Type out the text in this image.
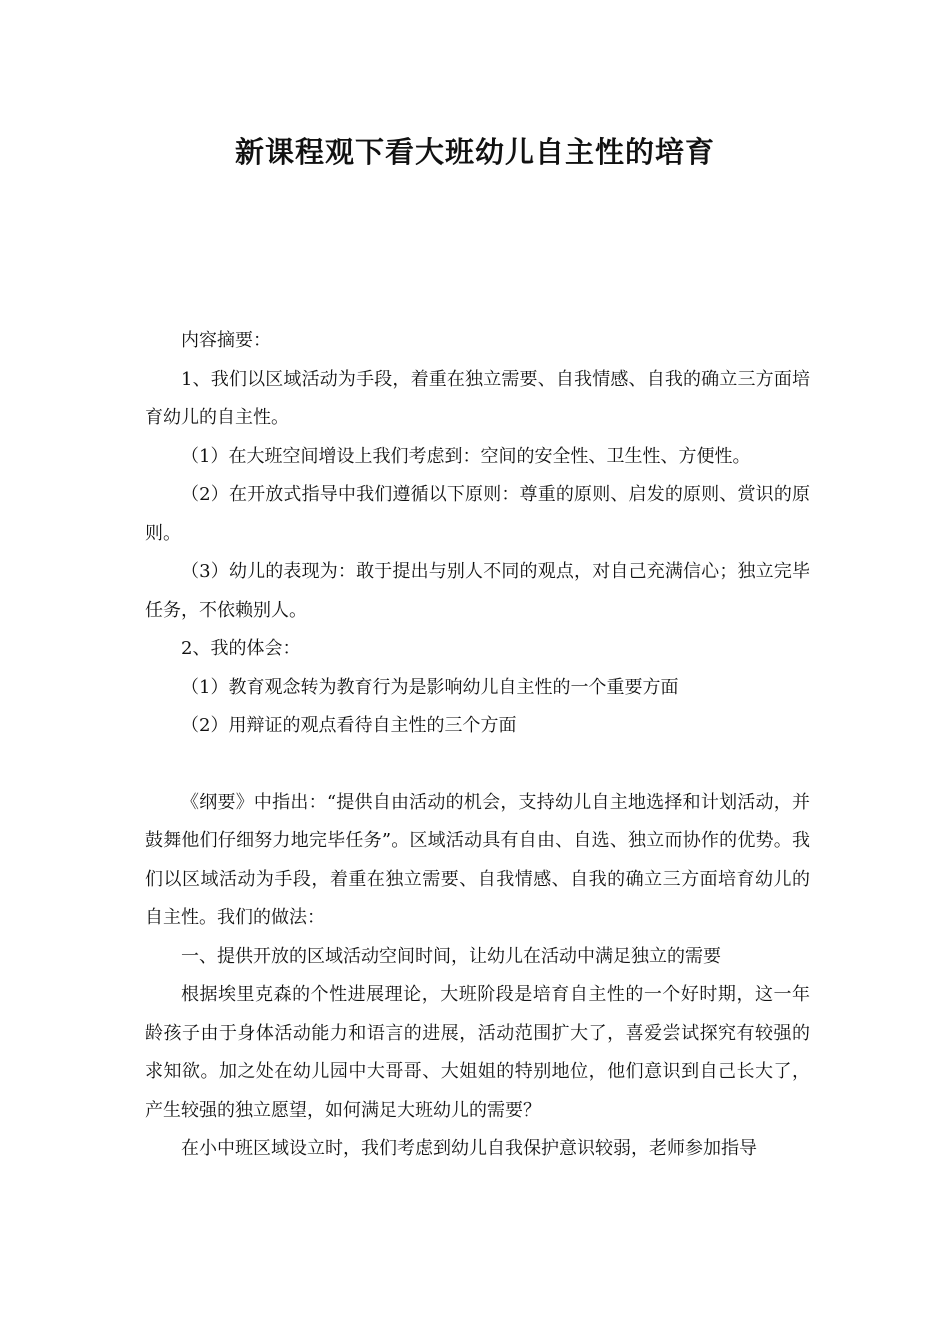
新课程观下看大班幼儿自主性的培育

内容摘要：

1、我们以区域活动为手段，着重在独立需要、自我情感、自我的确立三方面培育幼儿的自主性。

（1）在大班空间增设上我们考虑到：空间的安全性、卫生性、方便性。

（2）在开放式指导中我们遵循以下原则：尊重的原则、启发的原则、赏识的原则。

（3）幼儿的表现为：敢于提出与别人不同的观点，对自己充满信心；独立完毕任务，不依赖别人。

2、我的体会：

（1）教育观念转为教育行为是影响幼儿自主性的一个重要方面

（2）用辩证的观点看待自主性的三个方面

《纲要》中指出：“提供自由活动的机会，支持幼儿自主地选择和计划活动，并鼓舞他们仔细努力地完毕任务”。区域活动具有自由、自选、独立而协作的优势。我们以区域活动为手段，着重在独立需要、自我情感、自我的确立三方面培育幼儿的自主性。我们的做法：

一、提供开放的区域活动空间时间，让幼儿在活动中满足独立的需要

根据埃里克森的个性进展理论，大班阶段是培育自主性的一个好时期，这一年龄孩子由于身体活动能力和语言的进展，活动范围扩大了，喜爱尝试探究有较强的求知欲。加之处在幼儿园中大哥哥、大姐姐的特别地位，他们意识到自己长大了，产生较强的独立愿望，如何满足大班幼儿的需要？

在小中班区域设立时，我们考虑到幼儿自我保护意识较弱，老师参加指导
